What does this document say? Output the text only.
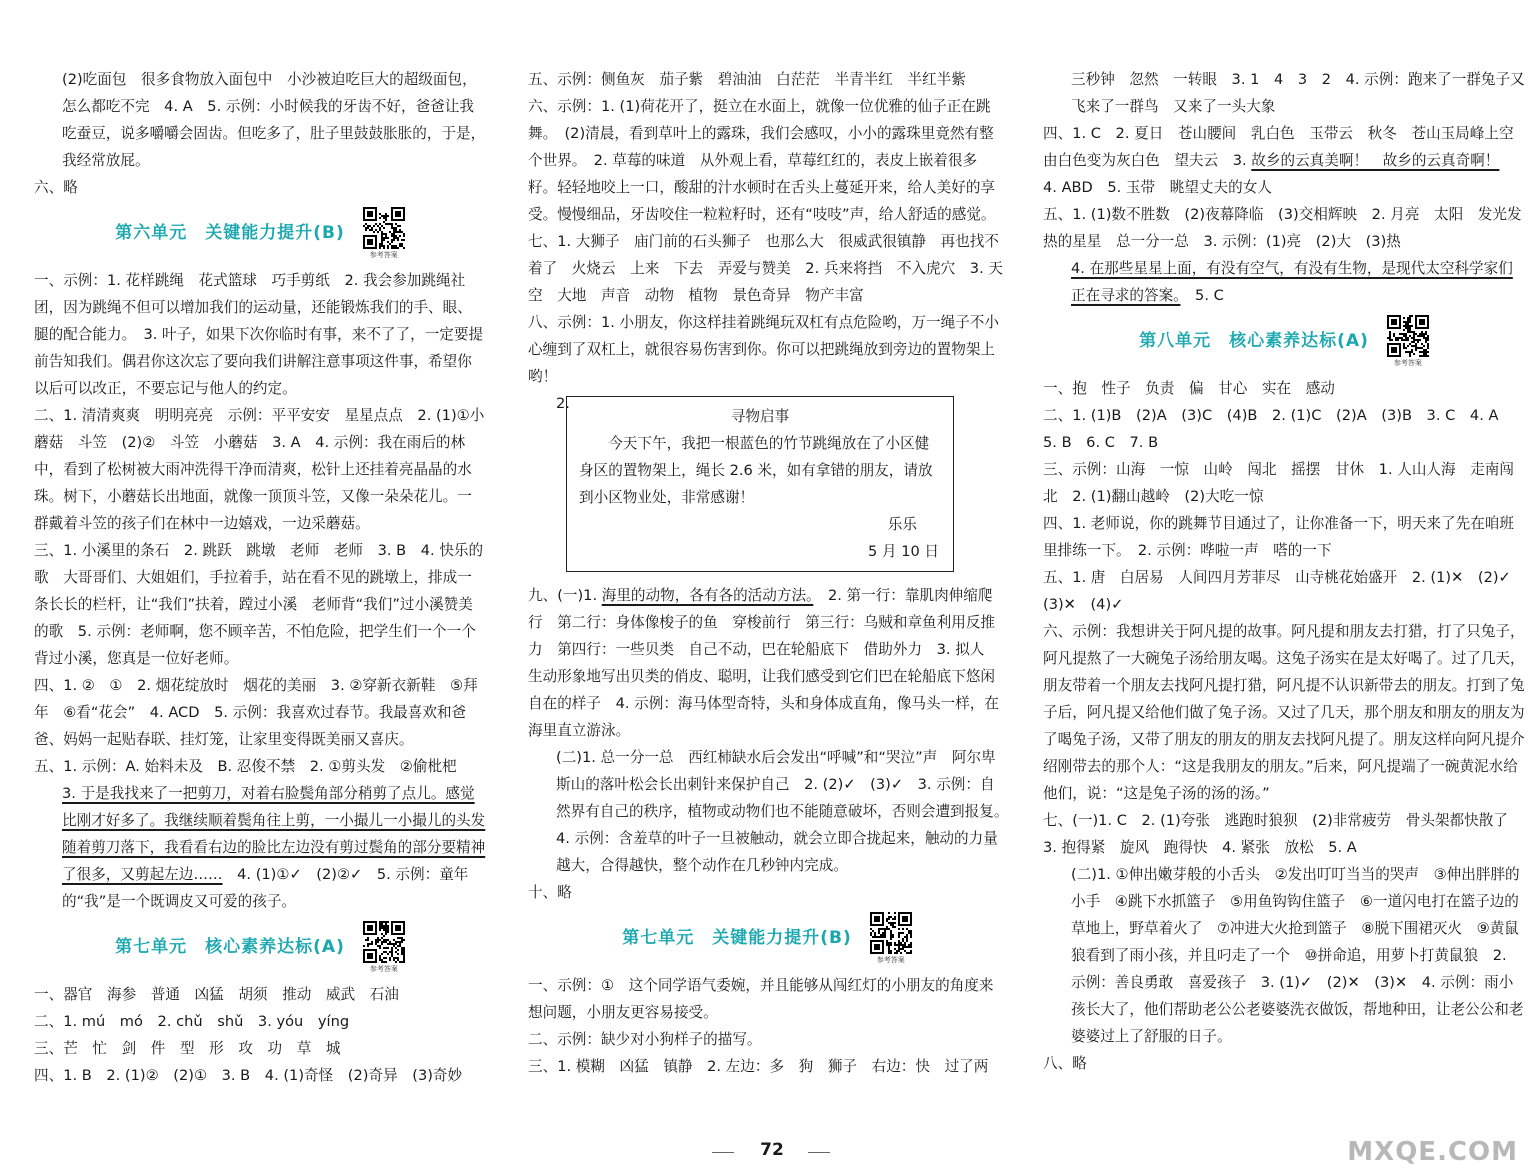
(2)吃面包　很多食物放入面包中　小沙被迫吃巨大的超级面包，怎么都吃不完　4. A　5. 示例：小时候我的牙齿不好，爸爸让我吃蚕豆，说多嚼嚼会固齿。但吃多了，肚子里鼓鼓胀胀的，于是，我经常放屁。
六、略
第六单元　关键能力提升(B)
参考答案
一、示例：1. 花样跳绳　花式篮球　巧手剪纸　2. 我会参加跳绳社团，因为跳绳不但可以增加我们的运动量，还能锻炼我们的手、眼、腿的配合能力。　3. 叶子，如果下次你临时有事，来不了了，一定要提前告知我们。偶君你这次忘了要向我们讲解注意事项这件事，希望你以后可以改正，不要忘记与他人的约定。
二、1. 清清爽爽　明明亮亮　示例：平平安安　星星点点　2. (1)①小蘑菇　斗笠　(2)②　斗笠　小蘑菇　3. A　4. 示例：我在雨后的林中，看到了松树被大雨冲洗得干净而清爽，松针上还挂着亮晶晶的水珠。树下，小蘑菇长出地面，就像一顶顶斗笠，又像一朵朵花儿。一群戴着斗笠的孩子们在林中一边嬉戏，一边采蘑菇。
三、1. 小溪里的条石　2. 跳跃　跳墩　老师　老师　3. B　4. 快乐的歌　大哥哥们、大姐姐们，手拉着手，站在看不见的跳墩上，排成一条长长的栏杆，让“我们”扶着，蹚过小溪　老师背“我们”过小溪赞美的歌　5. 示例：老师啊，您不顾辛苦，不怕危险，把学生们一个一个背过小溪，您真是一位好老师。
四、1. ②　①　2. 烟花绽放时　烟花的美丽　3. ②穿新衣新鞋　⑤拜年　⑥看“花会”　4. ACD　5. 示例：我喜欢过春节。我最喜欢和爸爸、妈妈一起贴春联、挂灯笼，让家里变得既美丽又喜庆。
五、1. 示例：A. 始料未及　B. 忍俊不禁　2. ①剪头发　②偷枇杷
3. 于是我找来了一把剪刀，对着右脸鬓角部分稍剪了点儿。感觉比刚才好多了。我继续顺着鬓角往上剪，一小撮儿一小撮儿的头发随着剪刀落下，我看看右边的脸比左边没有剪过鬓角的部分要精神了很多，又剪起左边……　4. (1)①✓　(2)②✓　5. 示例：童年的“我”是一个既调皮又可爱的孩子。
第七单元　核心素养达标(A)
参考答案
一、器官　海参　普通　凶猛　胡须　推动　威武　石油
二、1. mú　mó　2. chǔ　shǔ　3. yóu　yíng
三、芒　忙　剑　件　型　形　攻　功　草　城
四、1. B　2. (1)②　(2)①　3. B　4. (1)奇怪　(2)奇异　(3)奇妙
五、示例：侧鱼灰　茄子紫　碧油油　白茫茫　半青半红　半红半紫
六、示例：1. (1)荷花开了，挺立在水面上，就像一位优雅的仙子正在跳舞。　(2)清晨，看到草叶上的露珠，我们会感叹，小小的露珠里竟然有整个世界。　2. 草莓的味道　从外观上看，草莓红红的，表皮上嵌着很多籽。轻轻地咬上一口，酸甜的汁水顿时在舌头上蔓延开来，给人美好的享受。慢慢细品，牙齿咬住一粒粒籽时，还有“吱吱”声，给人舒适的感觉。
七、1. 大狮子　庙门前的石头狮子　也那么大　很威武很镇静　再也找不着了　火烧云　上来　下去　弄爱与赞美　2. 兵来将挡　不入虎穴　3. 天空　大地　声音　动物　植物　景色奇异　物产丰富
八、示例：1. 小朋友，你这样挂着跳绳玩双杠有点危险哟，万一绳子不小心缠到了双杠上，就很容易伤害到你。你可以把跳绳放到旁边的置物架上哟！
2.
寻物启事
今天下午，我把一根蓝色的竹节跳绳放在了小区健身区的置物架上，绳长 2.6 米，如有拿错的朋友，请放到小区物业处，非常感谢！
乐乐
5 月 10 日
九、(一)1. 海里的动物，各有各的活动方法。　2. 第一行：靠肌肉伸缩爬行　第二行：身体像梭子的鱼　穿梭前行　第三行：乌贼和章鱼利用反推力　第四行：一些贝类　自己不动，巴在轮船底下　借助外力　3. 拟人　生动形象地写出贝类的俏皮、聪明，让我们感受到它们巴在轮船底下悠闲自在的样子　4. 示例：海马体型奇特，头和身体成直角，像马头一样，在海里直立游泳。
(二)1. 总一分一总　西红柿缺水后会发出“呼喊”和“哭泣”声　阿尔卑斯山的落叶松会长出刺针来保护自己　2. (2)✓　(3)✓　3. 示例：自然界有自己的秩序，植物或动物们也不能随意破坏，否则会遭到报复。　4. 示例：含羞草的叶子一旦被触动，就会立即合拢起来，触动的力量越大，合得越快，整个动作在几秒钟内完成。
十、略
第七单元　关键能力提升(B)
参考答案
一、示例：①　这个同学语气委婉，并且能够从闯红灯的小朋友的角度来想问题，小朋友更容易接受。
二、示例：缺少对小狗样子的描写。
三、1. 模糊　凶猛　镇静　2. 左边：多　狗　狮子　右边：快　过了两
三秒钟　忽然　一转眼　3. 1　4　3　2　4. 示例：跑来了一群兔子又飞来了一群鸟　又来了一头大象
四、1. C　2. 夏日　苍山腰间　乳白色　玉带云　秋冬　苍山玉局峰上空　由白色变为灰白色　望夫云　3. 故乡的云真美啊！　故乡的云真奇啊！　4. ABD　5. 玉带　眺望丈夫的女人
五、1. (1)数不胜数　(2)夜幕降临　(3)交相辉映　2. 月亮　太阳　发光发热的星星　总一分一总　3. 示例：(1)亮　(2)大　(3)热
4. 在那些星星上面，有没有空气，有没有生物，是现代太空科学家们正在寻求的答案。　5. C
第八单元　核心素养达标(A)
参考答案
一、抱　性子　负责　偏　甘心　实在　感动
二、1. (1)B　(2)A　(3)C　(4)B　2. (1)C　(2)A　(3)B　3. C　4. A　5. B　6. C　7. B
三、示例：山海　一惊　山岭　闯北　摇摆　甘休　1. 人山人海　走南闯北　2. (1)翻山越岭　(2)大吃一惊
四、1. 老师说，你的跳舞节目通过了，让你准备一下，明天来了先在咱班里排练一下。　2. 示例：哗啦一声　嗒的一下
五、1. 唐　白居易　人间四月芳菲尽　山寺桃花始盛开　2. (1)✕　(2)✓　(3)✕　(4)✓
六、示例：我想讲关于阿凡提的故事。阿凡提和朋友去打猎，打了只兔子，阿凡提熬了一大碗兔子汤给朋友喝。这兔子汤实在是太好喝了。过了几天，朋友带着一个朋友去找阿凡提打猎，阿凡提不认识新带去的朋友。打到了兔子后，阿凡提又给他们做了兔子汤。又过了几天，那个朋友和朋友的朋友为了喝兔子汤，又带了朋友的朋友的朋友去找阿凡提了。朋友这样向阿凡提介绍刚带去的那个人：“这是我朋友的朋友。”后来，阿凡提端了一碗黄泥水给他们，说：“这是兔子汤的汤的汤。”
七、(一)1. C　2. (1)夸张　逃跑时狼狈　(2)非常疲劳　骨头架都快散了　3. 抱得紧　旋风　跑得快　4. 紧张　放松　5. A
(二)1. ①伸出嫩芽般的小舌头　②发出叮叮当当的哭声　③伸出胖胖的小手　④跳下水抓篮子　⑤用鱼钩钩住篮子　⑥一道闪电打在篮子边的草地上，野草着火了　⑦冲进大火抢到篮子　⑧脱下围裙灭火　⑨黄鼠狼看到了雨小孩，并且叼走了一个　⑩拼命追，用萝卜打黄鼠狼　2. 示例：善良勇敢　喜爱孩子　3. (1)✓　(2)✕　(3)✕　4. 示例：雨小孩长大了，他们帮助老公公老婆婆洗衣做饭，帮地种田，让老公公和老婆婆过上了舒服的日子。
八、略
72	MXQE.COM
